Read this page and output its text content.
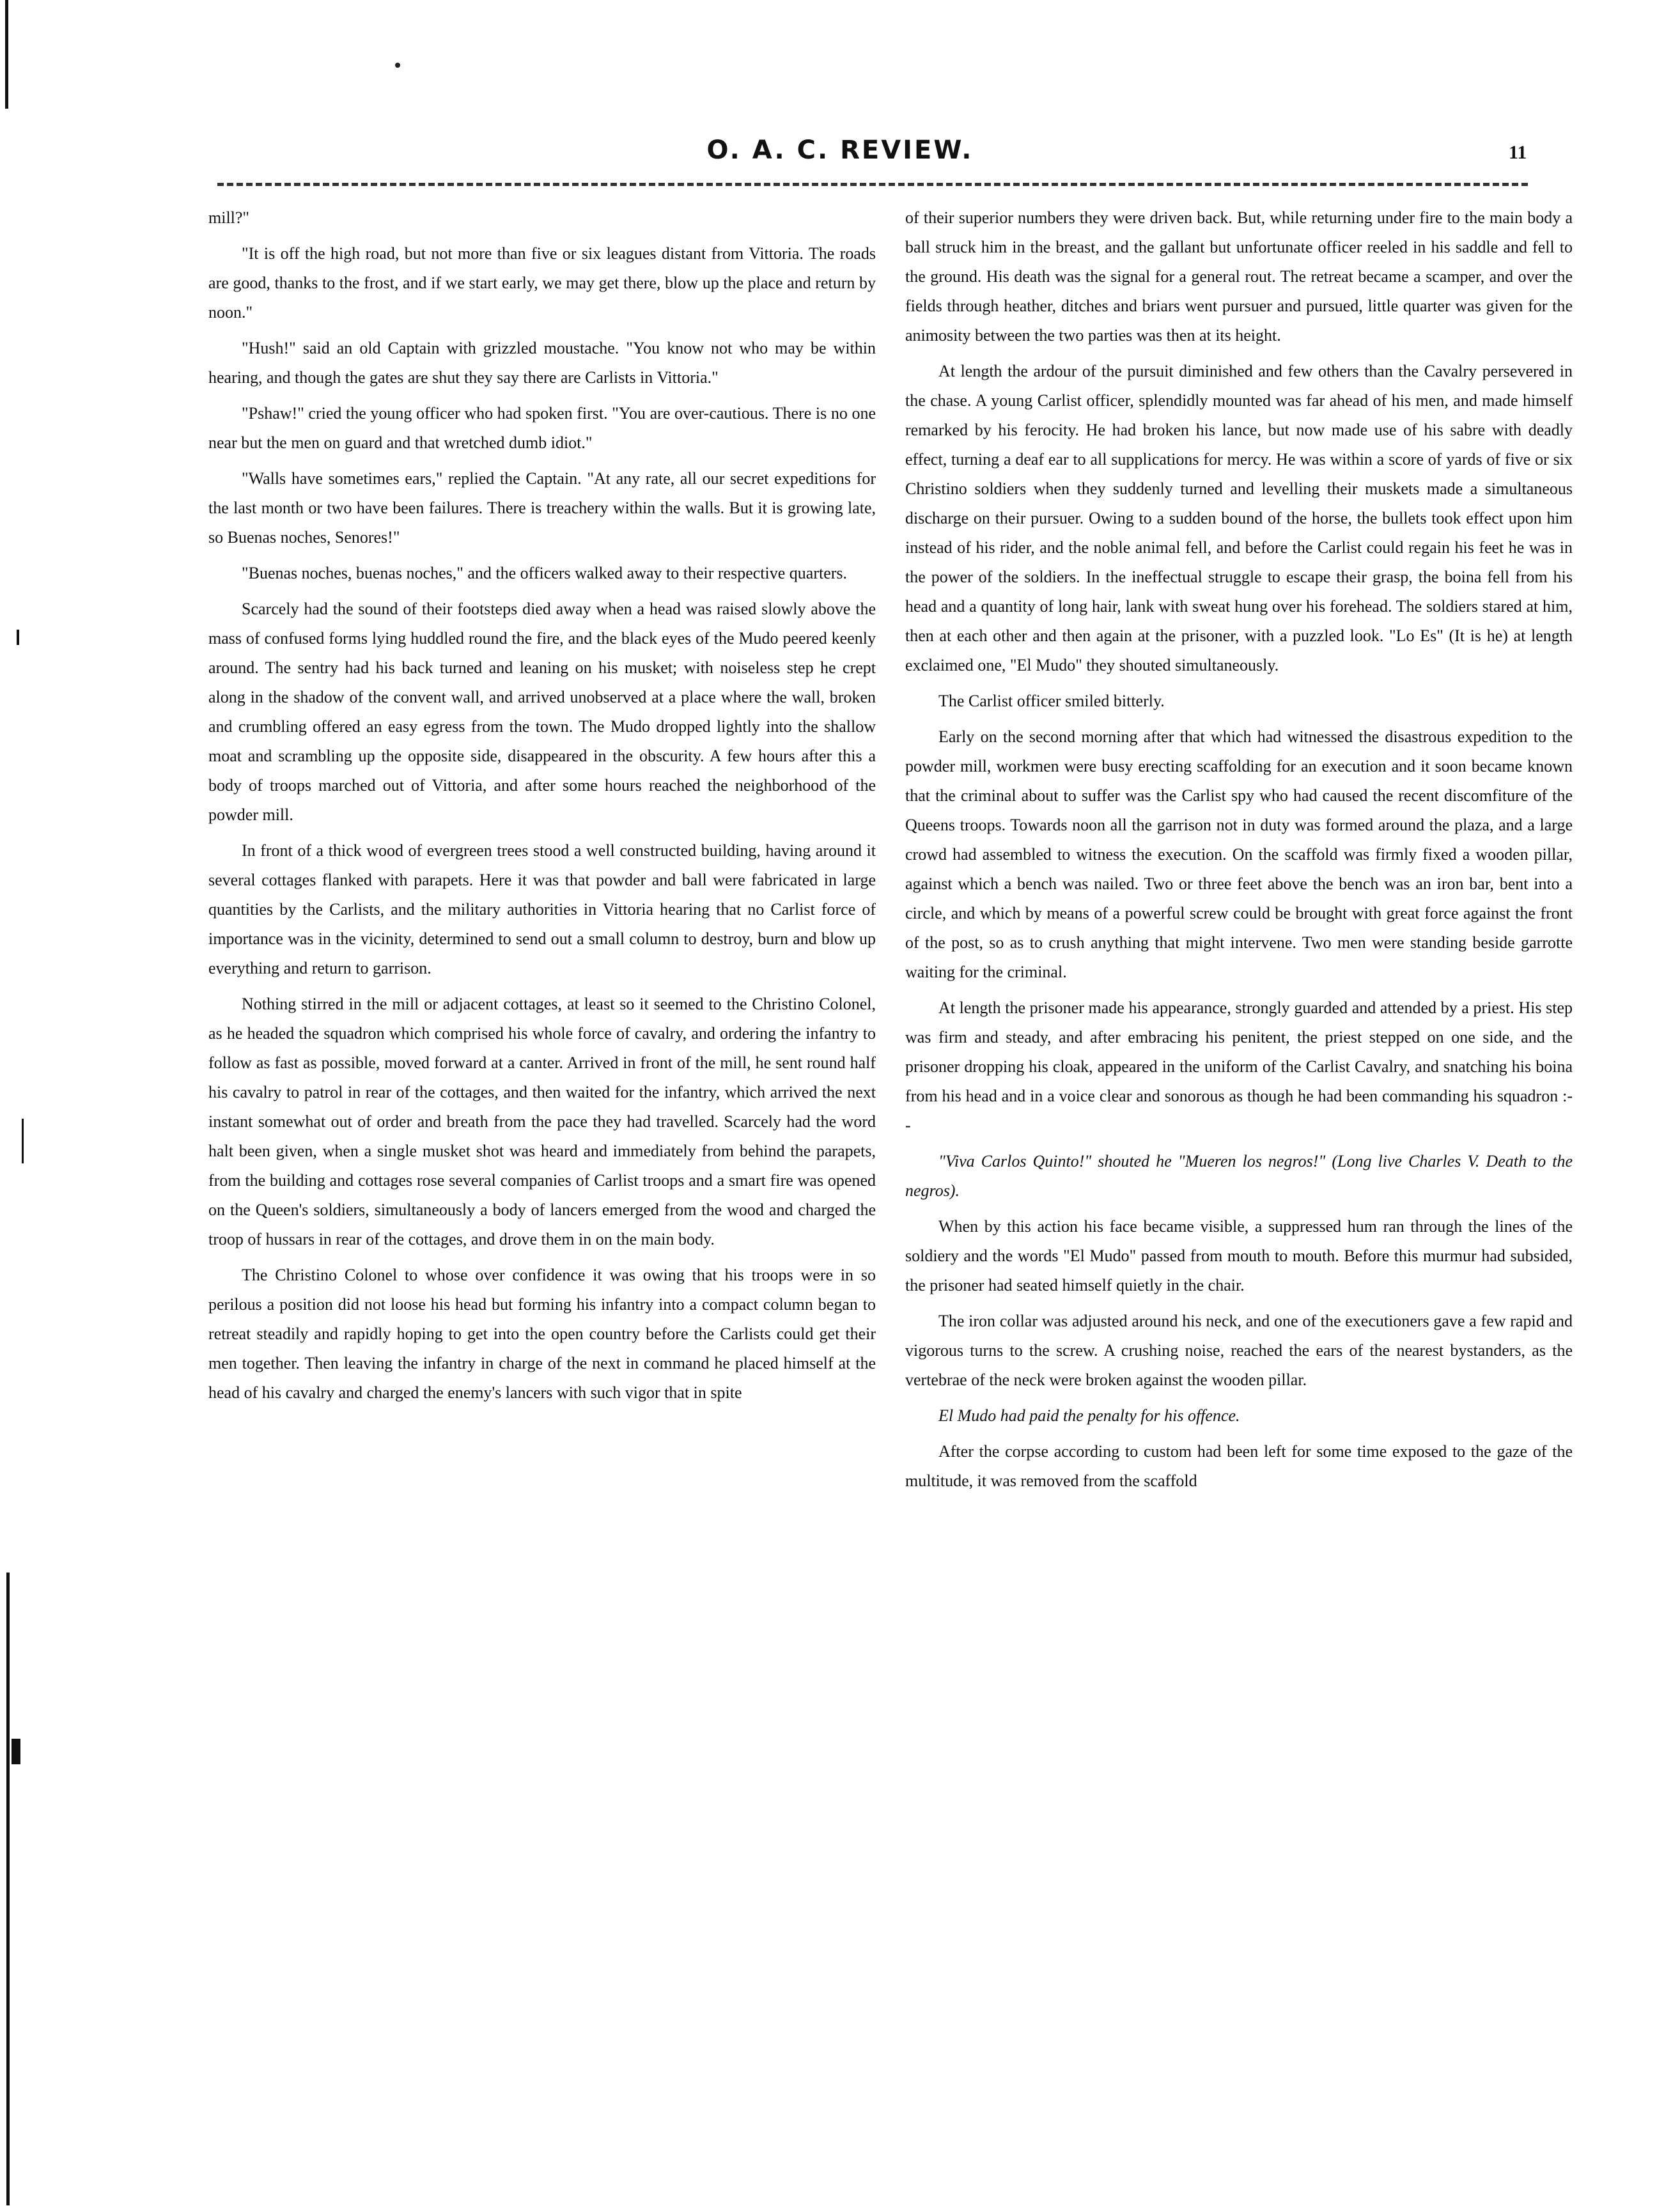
O. A. C. REVIEW.	11

mill?"

"It is off the high road, but not more than five or six leagues distant from Vittoria. The roads are good, thanks to the frost, and if we start early, we may get there, blow up the place and return by noon."

"Hush!" said an old Captain with grizzled moustache. "You know not who may be within hearing, and though the gates are shut they say there are Carlists in Vittoria."

"Pshaw!" cried the young officer who had spoken first. "You are over-cautious. There is no one near but the men on guard and that wretched dumb idiot."

"Walls have sometimes ears," replied the Captain. "At any rate, all our secret expeditions for the last month or two have been failures. There is treachery within the walls. But it is growing late, so Buenas noches, Senores!"

"Buenas noches, buenas noches," and the officers walked away to their respective quarters.

Scarcely had the sound of their footsteps died away when a head was raised slowly above the mass of confused forms lying huddled round the fire, and the black eyes of the Mudo peered keenly around. The sentry had his back turned and leaning on his musket; with noiseless step he crept along in the shadow of the convent wall, and arrived unobserved at a place where the wall, broken and crumbling offered an easy egress from the town. The Mudo dropped lightly into the shallow moat and scrambling up the opposite side, disappeared in the obscurity. A few hours after this a body of troops marched out of Vittoria, and after some hours reached the neighborhood of the powder mill.

In front of a thick wood of evergreen trees stood a well constructed building, having around it several cottages flanked with parapets. Here it was that powder and ball were fabricated in large quantities by the Carlists, and the military authorities in Vittoria hearing that no Carlist force of importance was in the vicinity, determined to send out a small column to destroy, burn and blow up everything and return to garrison.

Nothing stirred in the mill or adjacent cottages, at least so it seemed to the Christino Colonel, as he headed the squadron which comprised his whole force of cavalry, and ordering the infantry to follow as fast as possible, moved forward at a canter. Arrived in front of the mill, he sent round half his cavalry to patrol in rear of the cottages, and then waited for the infantry, which arrived the next instant somewhat out of order and breath from the pace they had travelled. Scarcely had the word halt been given, when a single musket shot was heard and immediately from behind the parapets, from the building and cottages rose several companies of Carlist troops and a smart fire was opened on the Queen's soldiers, simultaneously a body of lancers emerged from the wood and charged the troop of hussars in rear of the cottages, and drove them in on the main body.

The Christino Colonel to whose over confidence it was owing that his troops were in so perilous a position did not loose his head but forming his infantry into a compact column began to retreat steadily and rapidly hoping to get into the open country before the Carlists could get their men together. Then leaving the infantry in charge of the next in command he placed himself at the head of his cavalry and charged the enemy's lancers with such vigor that in spite

of their superior numbers they were driven back. But, while returning under fire to the main body a ball struck him in the breast, and the gallant but unfortunate officer reeled in his saddle and fell to the ground. His death was the signal for a general rout. The retreat became a scamper, and over the fields through heather, ditches and briars went pursuer and pursued, little quarter was given for the animosity between the two parties was then at its height.

At length the ardour of the pursuit diminished and few others than the Cavalry persevered in the chase. A young Carlist officer, splendidly mounted was far ahead of his men, and made himself remarked by his ferocity. He had broken his lance, but now made use of his sabre with deadly effect, turning a deaf ear to all supplications for mercy. He was within a score of yards of five or six Christino soldiers when they suddenly turned and levelling their muskets made a simultaneous discharge on their pursuer. Owing to a sudden bound of the horse, the bullets took effect upon him instead of his rider, and the noble animal fell, and before the Carlist could regain his feet he was in the power of the soldiers. In the ineffectual struggle to escape their grasp, the boina fell from his head and a quantity of long hair, lank with sweat hung over his forehead. The soldiers stared at him, then at each other and then again at the prisoner, with a puzzled look. "Lo Es" (It is he) at length exclaimed one, "El Mudo" they shouted simultaneously.

The Carlist officer smiled bitterly.

Early on the second morning after that which had witnessed the disastrous expedition to the powder mill, workmen were busy erecting scaffolding for an execution and it soon became known that the criminal about to suffer was the Carlist spy who had caused the recent discomfiture of the Queens troops. Towards noon all the garrison not in duty was formed around the plaza, and a large crowd had assembled to witness the execution. On the scaffold was firmly fixed a wooden pillar, against which a bench was nailed. Two or three feet above the bench was an iron bar, bent into a circle, and which by means of a powerful screw could be brought with great force against the front of the post, so as to crush anything that might intervene. Two men were standing beside garrotte waiting for the criminal.

At length the prisoner made his appearance, strongly guarded and attended by a priest. His step was firm and steady, and after embracing his penitent, the priest stepped on one side, and the prisoner dropping his cloak, appeared in the uniform of the Carlist Cavalry, and snatching his boina from his head and in a voice clear and sonorous as though he had been commanding his squadron :--

"Viva Carlos Quinto!" shouted he "Mueren los negros!" (Long live Charles V. Death to the negros).

When by this action his face became visible, a suppressed hum ran through the lines of the soldiery and the words "El Mudo" passed from mouth to mouth. Before this murmur had subsided, the prisoner had seated himself quietly in the chair.

The iron collar was adjusted around his neck, and one of the executioners gave a few rapid and vigorous turns to the screw. A crushing noise, reached the ears of the nearest bystanders, as the vertebrae of the neck were broken against the wooden pillar.

El Mudo had paid the penalty for his offence.

After the corpse according to custom had been left for some time exposed to the gaze of the multitude, it was removed from the scaffold
